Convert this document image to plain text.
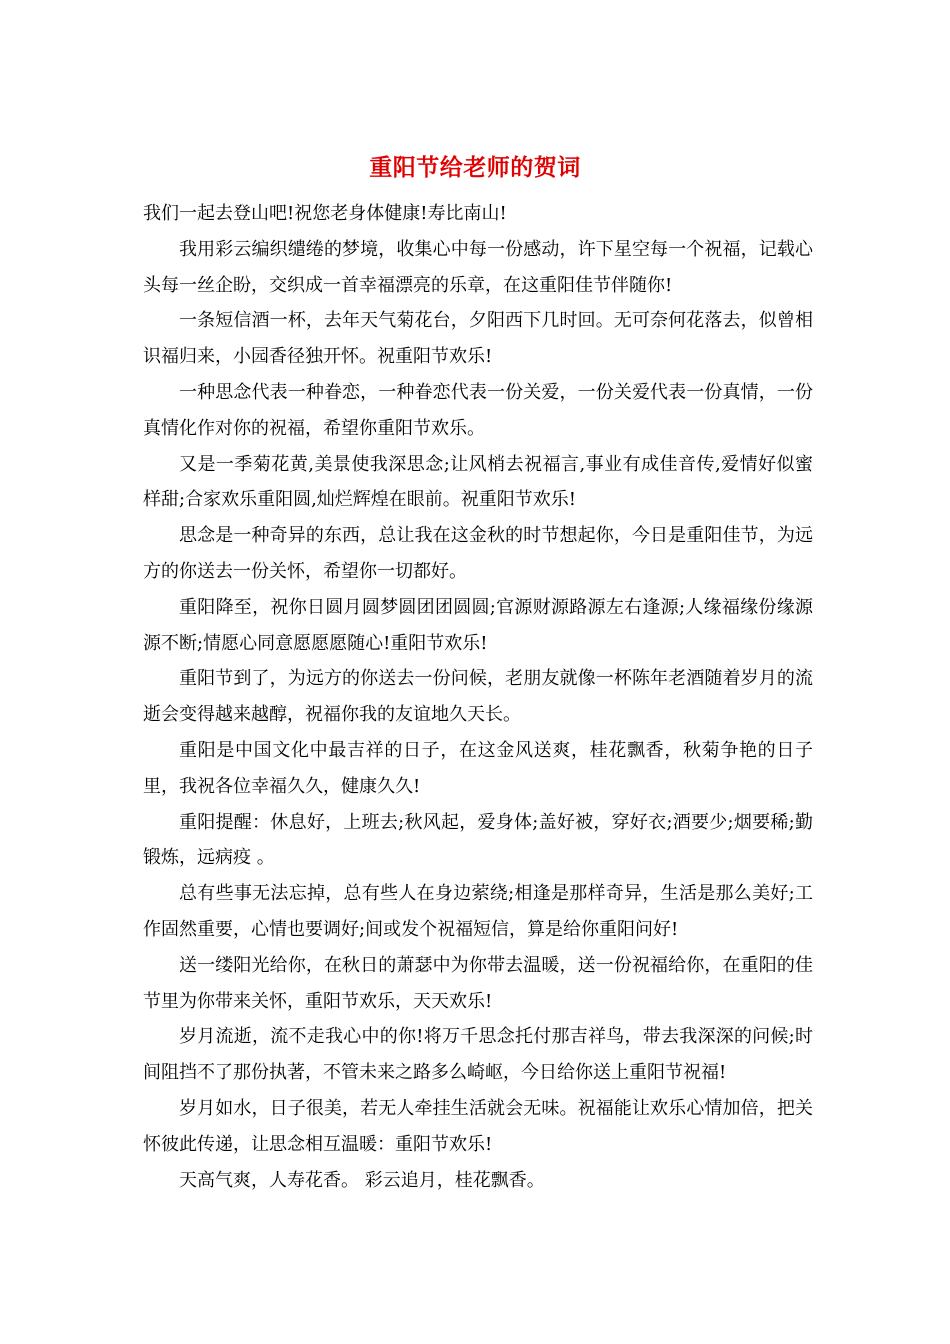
重阳节给老师的贺词

我们一起去登山吧!祝您老身体健康!寿比南山!

我用彩云编织缱绻的梦境，收集心中每一份感动，许下星空每一个祝福，记载心头每一丝企盼，交织成一首幸福漂亮的乐章，在这重阳佳节伴随你!

一条短信酒一杯，去年天气菊花台，夕阳西下几时回。无可奈何花落去，似曾相识福归来，小园香径独开怀。祝重阳节欢乐!

一种思念代表一种眷恋，一种眷恋代表一份关爱，一份关爱代表一份真情，一份真情化作对你的祝福，希望你重阳节欢乐。

又是一季菊花黄,美景使我深思念;让风梢去祝福言,事业有成佳音传,爱情好似蜜样甜;合家欢乐重阳圆,灿烂辉煌在眼前。祝重阳节欢乐!

思念是一种奇异的东西，总让我在这金秋的时节想起你，今日是重阳佳节，为远方的你送去一份关怀，希望你一切都好。

重阳降至，祝你日圆月圆梦圆团团圆圆;官源财源路源左右逢源;人缘福缘份缘源源不断;情愿心同意愿愿愿随心!重阳节欢乐!

重阳节到了，为远方的你送去一份问候，老朋友就像一杯陈年老酒随着岁月的流逝会变得越来越醇，祝福你我的友谊地久天长。

重阳是中国文化中最吉祥的日子，在这金风送爽，桂花飘香，秋菊争艳的日子里，我祝各位幸福久久，健康久久!

重阳提醒：休息好，上班去;秋风起，爱身体;盖好被，穿好衣;酒要少;烟要稀;勤锻炼，远病疫 。

总有些事无法忘掉，总有些人在身边萦绕;相逢是那样奇异，生活是那么美好;工作固然重要，心情也要调好;间或发个祝福短信，算是给你重阳问好!

送一缕阳光给你，在秋日的萧瑟中为你带去温暖，送一份祝福给你，在重阳的佳节里为你带来关怀，重阳节欢乐，天天欢乐!

岁月流逝，流不走我心中的你!将万千思念托付那吉祥鸟，带去我深深的问候;时间阻挡不了那份执著，不管未来之路多么崎岖，今日给你送上重阳节祝福!

岁月如水，日子很美，若无人牵挂生活就会无味。祝福能让欢乐心情加倍，把关怀彼此传递，让思念相互温暖：重阳节欢乐!

天高气爽，人寿花香。 彩云追月，桂花飘香。
